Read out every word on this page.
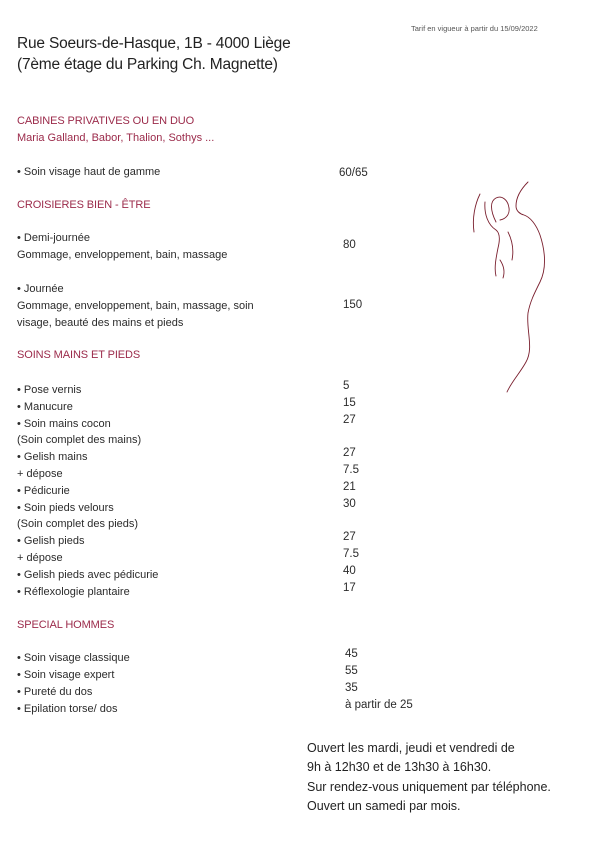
Tarif en vigueur à partir du 15/09/2022
Rue Soeurs-de-Hasque, 1B - 4000 Liège
(7ème étage du Parking Ch. Magnette)
CABINES PRIVATIVES OU EN DUO
Maria Galland, Babor, Thalion, Sothys ...
• Soin visage haut de gamme	60/65
CROISIERES BIEN - ÊTRE
• Demi-journée
Gommage, enveloppement, bain, massage
80
• Journée
Gommage, enveloppement, bain, massage, soin
visage, beauté des mains et pieds
150
SOINS MAINS ET PIEDS
• Pose vernis	5
• Manucure	15
• Soin mains cocon	27
(Soin complet des mains)
• Gelish mains	27
+ dépose	7.5
• Pédicurie	21
• Soin pieds velours	30
(Soin complet des pieds)
• Gelish pieds	27
+ dépose	7.5
• Gelish pieds avec pédicurie	40
• Réflexologie plantaire	17
SPECIAL HOMMES
• Soin visage classique	45
• Soin visage expert	55
• Pureté du dos	35
• Epilation torse/ dos	à partir de 25
Ouvert les mardi, jeudi et vendredi de
9h à 12h30 et de 13h30 à 16h30.
Sur rendez-vous uniquement par téléphone.
Ouvert un samedi par mois.
